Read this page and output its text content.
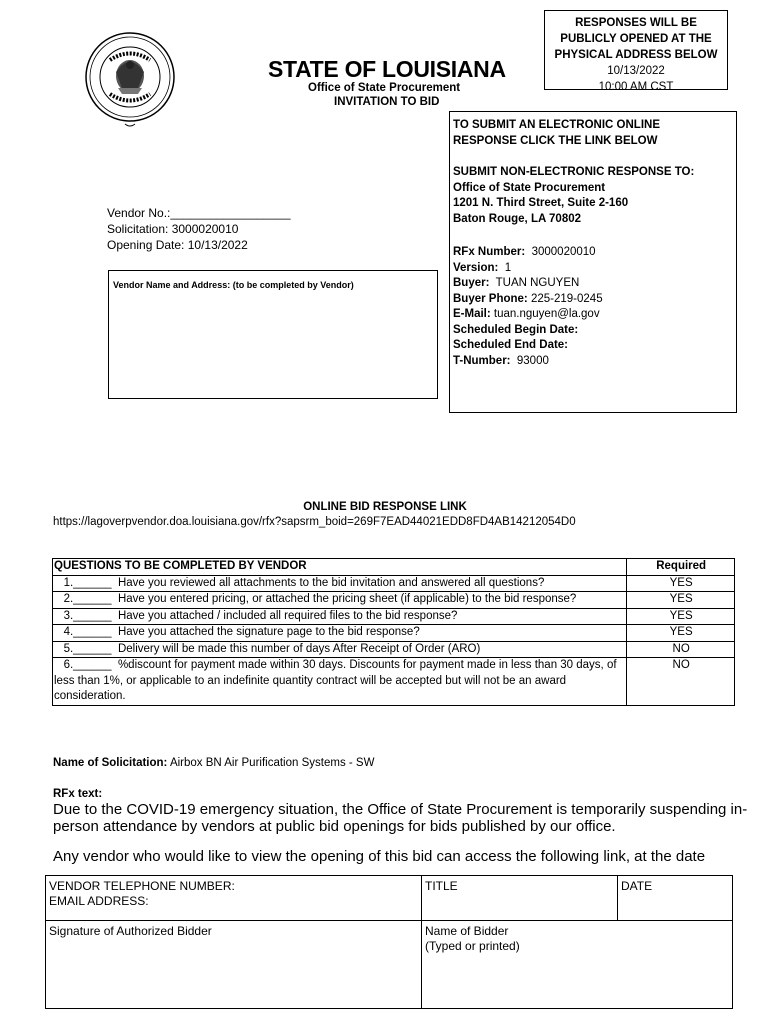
STATE OF LOUISIANA
Office of State Procurement
INVITATION TO BID
RESPONSES WILL BE
PUBLICLY OPENED AT THE
PHYSICAL ADDRESS BELOW
10/13/2022
10:00 AM CST
TO SUBMIT AN ELECTRONIC ONLINE
RESPONSE CLICK THE LINK BELOW
SUBMIT NON-ELECTRONIC RESPONSE TO:
Office of State Procurement
1201 N. Third Street, Suite 2-160
Baton Rouge, LA 70802
RFx Number: 3000020010
Version: 1
Buyer: TUAN NGUYEN
Buyer Phone: 225-219-0245
E-Mail: tuan.nguyen@la.gov
Scheduled Begin Date:
Scheduled End Date:
T-Number: 93000
Vendor No.:__________________
Solicitation: 3000020010
Opening Date: 10/13/2022
Vendor Name and Address: (to be completed by Vendor)
ONLINE BID RESPONSE LINK
https://lagoverpvendor.doa.louisiana.gov/rfx?sapsrm_boid=269F7EAD44021EDD8FD4AB14212054D0
QUESTIONS TO BE COMPLETED BY VENDOR	Required
1.______  Have you reviewed all attachments to the bid invitation and answered all questions?	YES
2.______  Have you entered pricing, or attached the pricing sheet (if applicable) to the bid response?	YES
3.______  Have you attached / included all required files to the bid response?	YES
4.______  Have you attached the signature page to the bid response?	YES
5.______  Delivery will be made this number of days After Receipt of Order (ARO)	NO
6.______  %discount for payment made within 30 days. Discounts for payment made in less than 30 days, of less than 1%, or applicable to an indefinite quantity contract will be accepted but will not be an award consideration.	NO
Name of Solicitation: Airbox BN Air Purification Systems - SW
RFx text:
Due to the COVID-19 emergency situation, the Office of State Procurement is temporarily suspending in-person attendance by vendors at public bid openings for bids published by our office.
Any vendor who would like to view the opening of this bid can access the following link, at the date
VENDOR TELEPHONE NUMBER:
EMAIL ADDRESS:	TITLE	DATE

Signature of Authorized Bidder	Name of Bidder
(Typed or printed)	
